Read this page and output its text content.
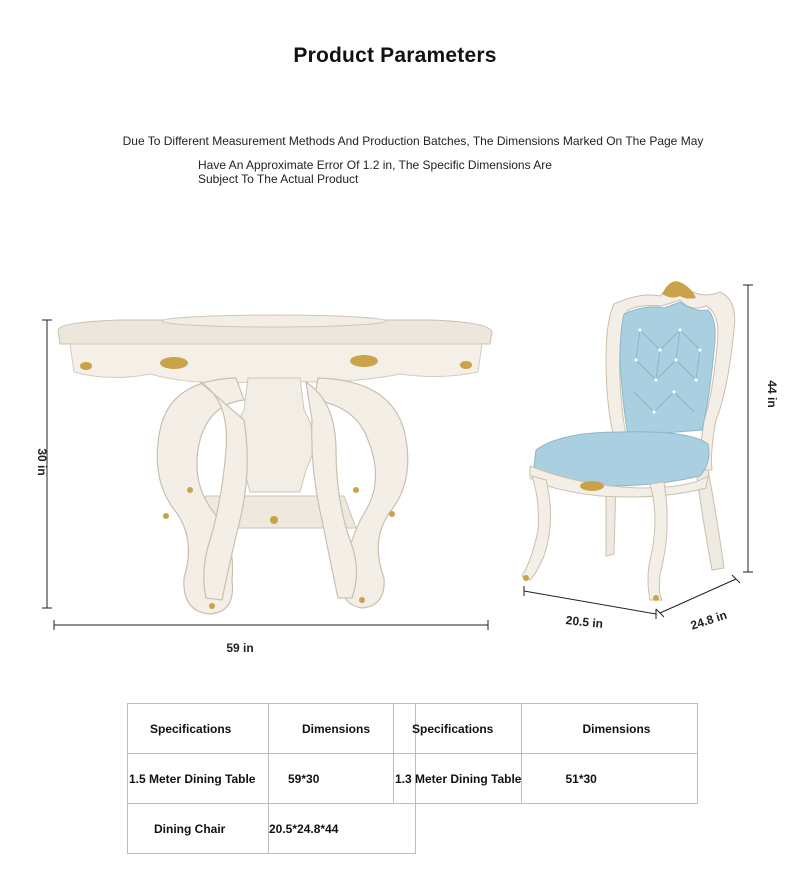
Product Parameters
Due To Different Measurement Methods And Production Batches, The Dimensions Marked On The Page May
Have An Approximate Error Of 1.2 in, The Specific Dimensions Are
Subject To The Actual Product
30 in
59 in
44 in
20.5 in	24.8 in
Specifications	Dimensions
1.5 Meter Dining Table	59*30
Dining Chair	20.5*24.8*44
Specifications	Dimensions
1.3 Meter Dining Table	51*30
